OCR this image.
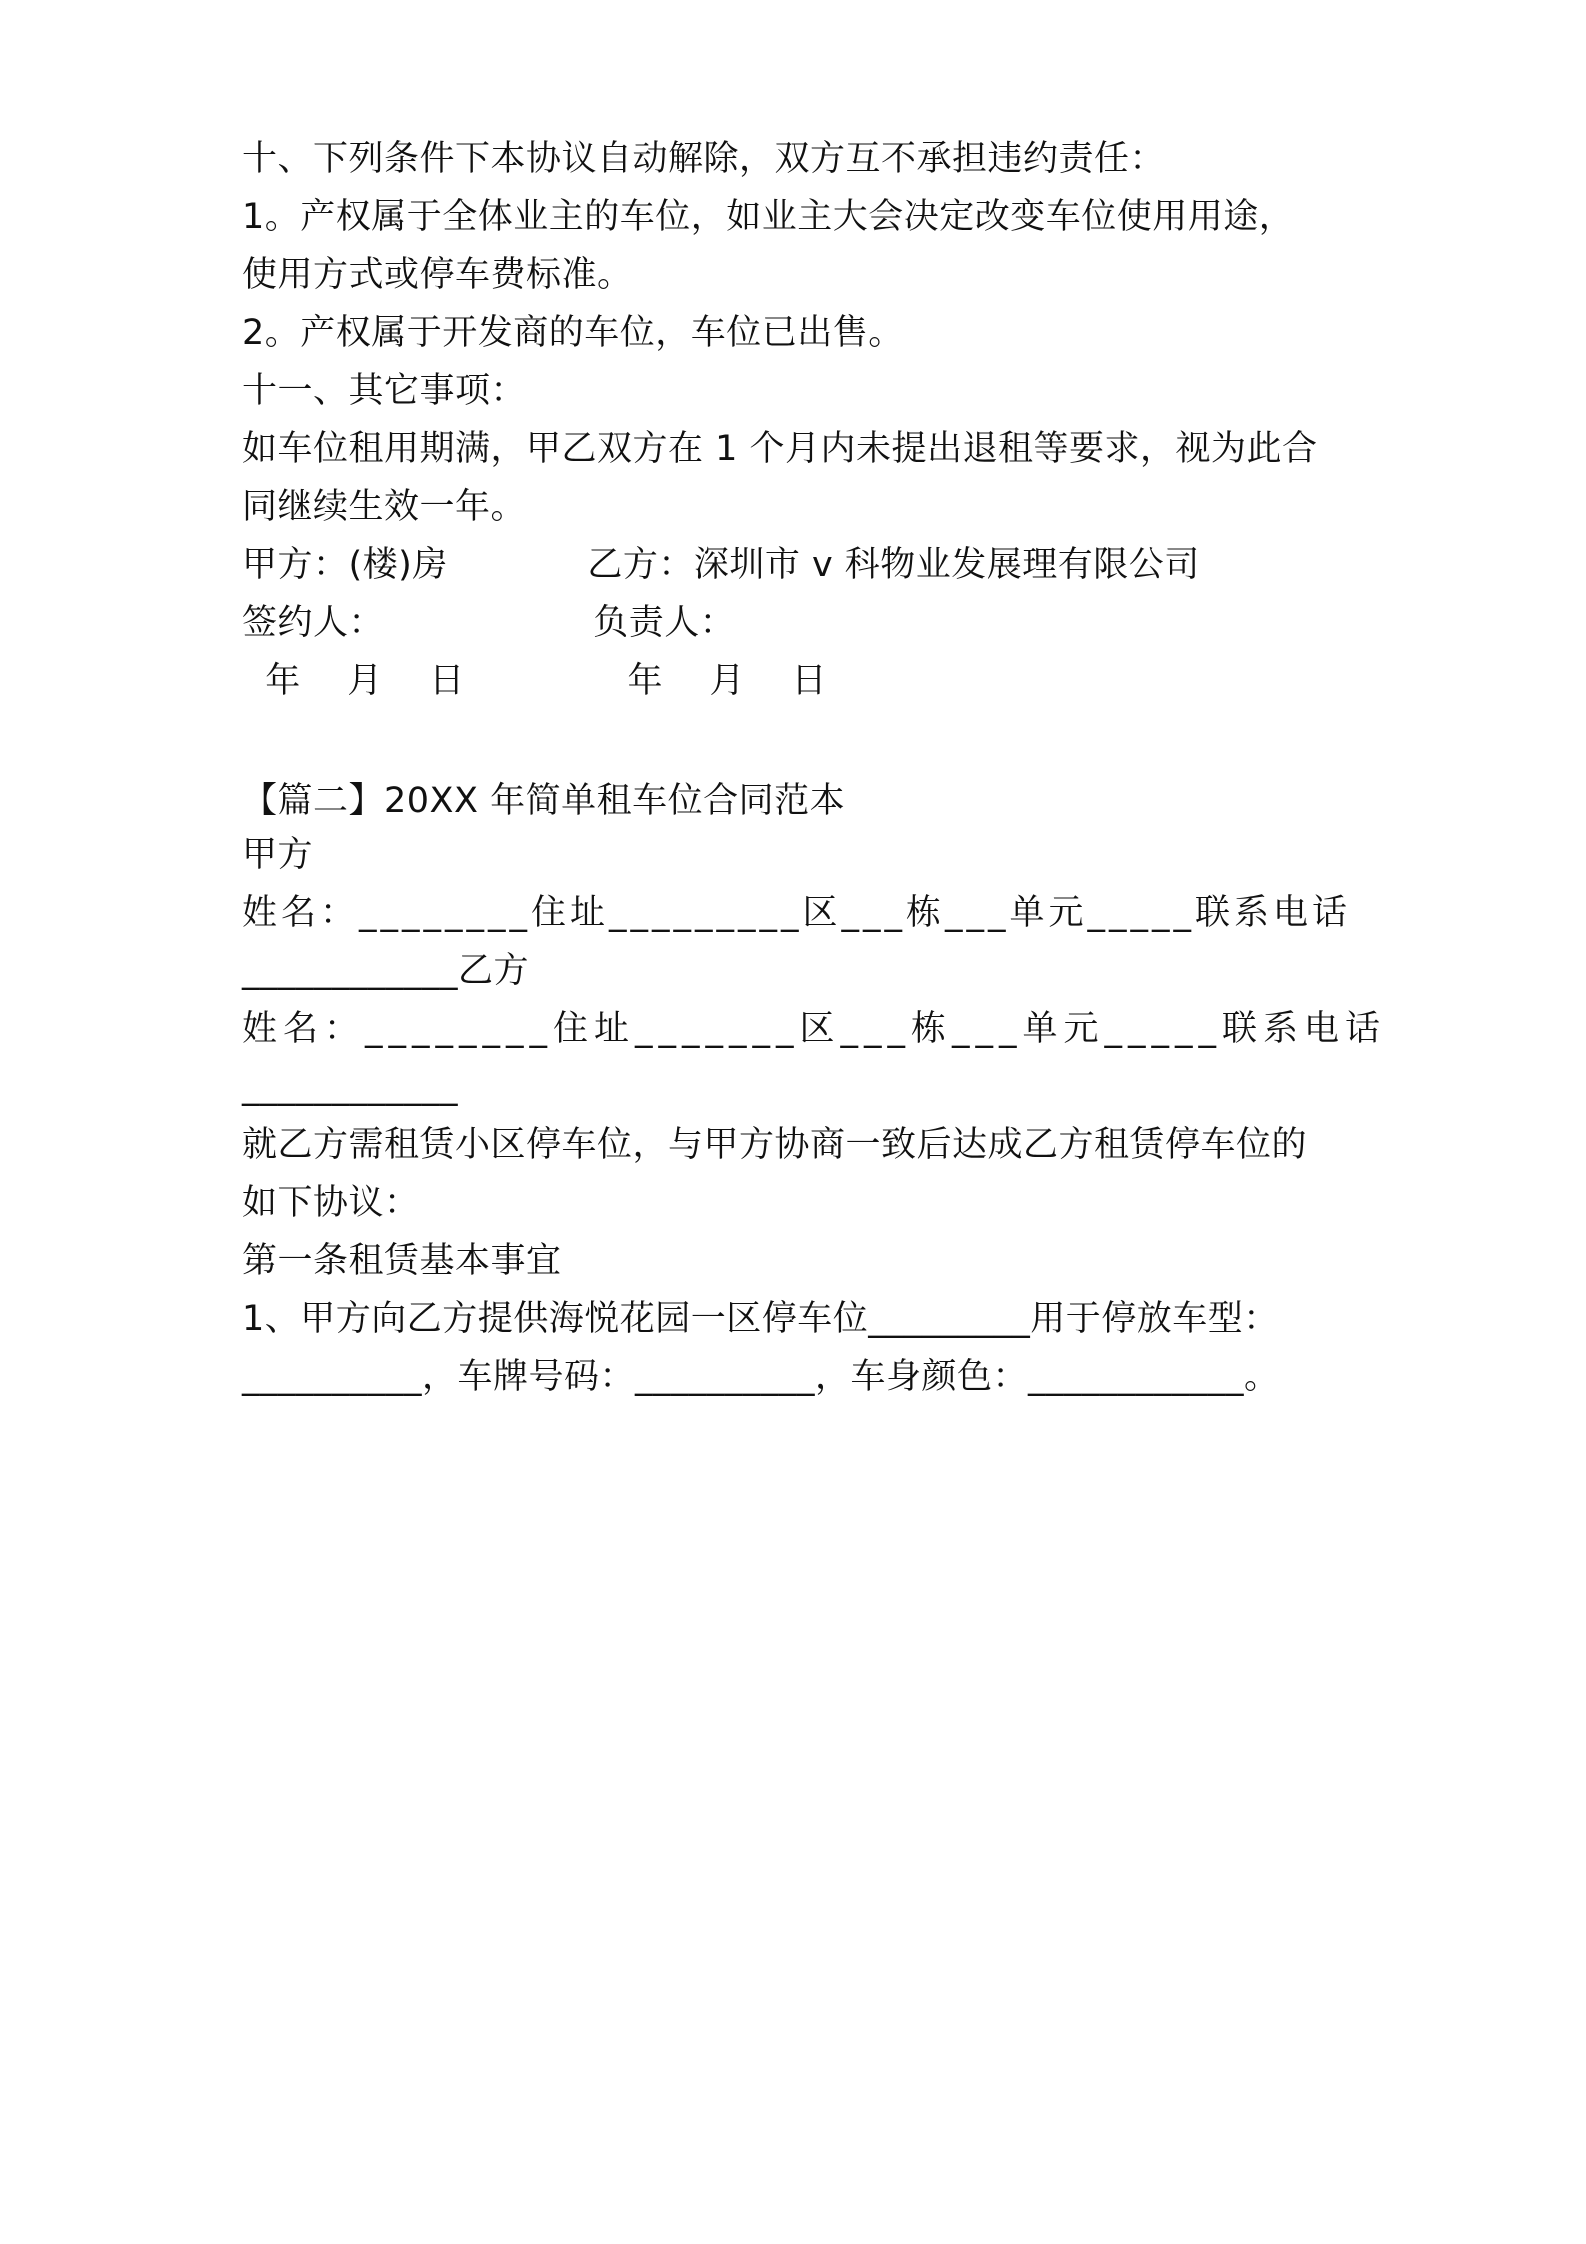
十、下列条件下本协议自动解除，双方互不承担违约责任：
1。产权属于全体业主的车位，如业主大会决定改变车位使用用途，
使用方式或停车费标准。
2。产权属于开发商的车位，车位已出售。
十一、其它事项：
如车位租用期满，甲乙双方在 1 个月内未提出退租等要求，视为此合
同继续生效一年。
甲方：(楼)房            乙方：深圳市 v 科物业发展理有限公司
签约人：                  负责人：
年    月    日              年    月    日
【篇二】20XX 年简单租车位合同范本
甲方
姓名：________住址_________区___栋___单元_____联系电话
____________乙方
姓名：________住址_______区___栋___单元_____联系电话
____________
就乙方需租赁小区停车位，与甲方协商一致后达成乙方租赁停车位的
如下协议：
第一条租赁基本事宜
1、甲方向乙方提供海悦花园一区停车位_________用于停放车型：
__________，车牌号码：__________，车身颜色：____________。
